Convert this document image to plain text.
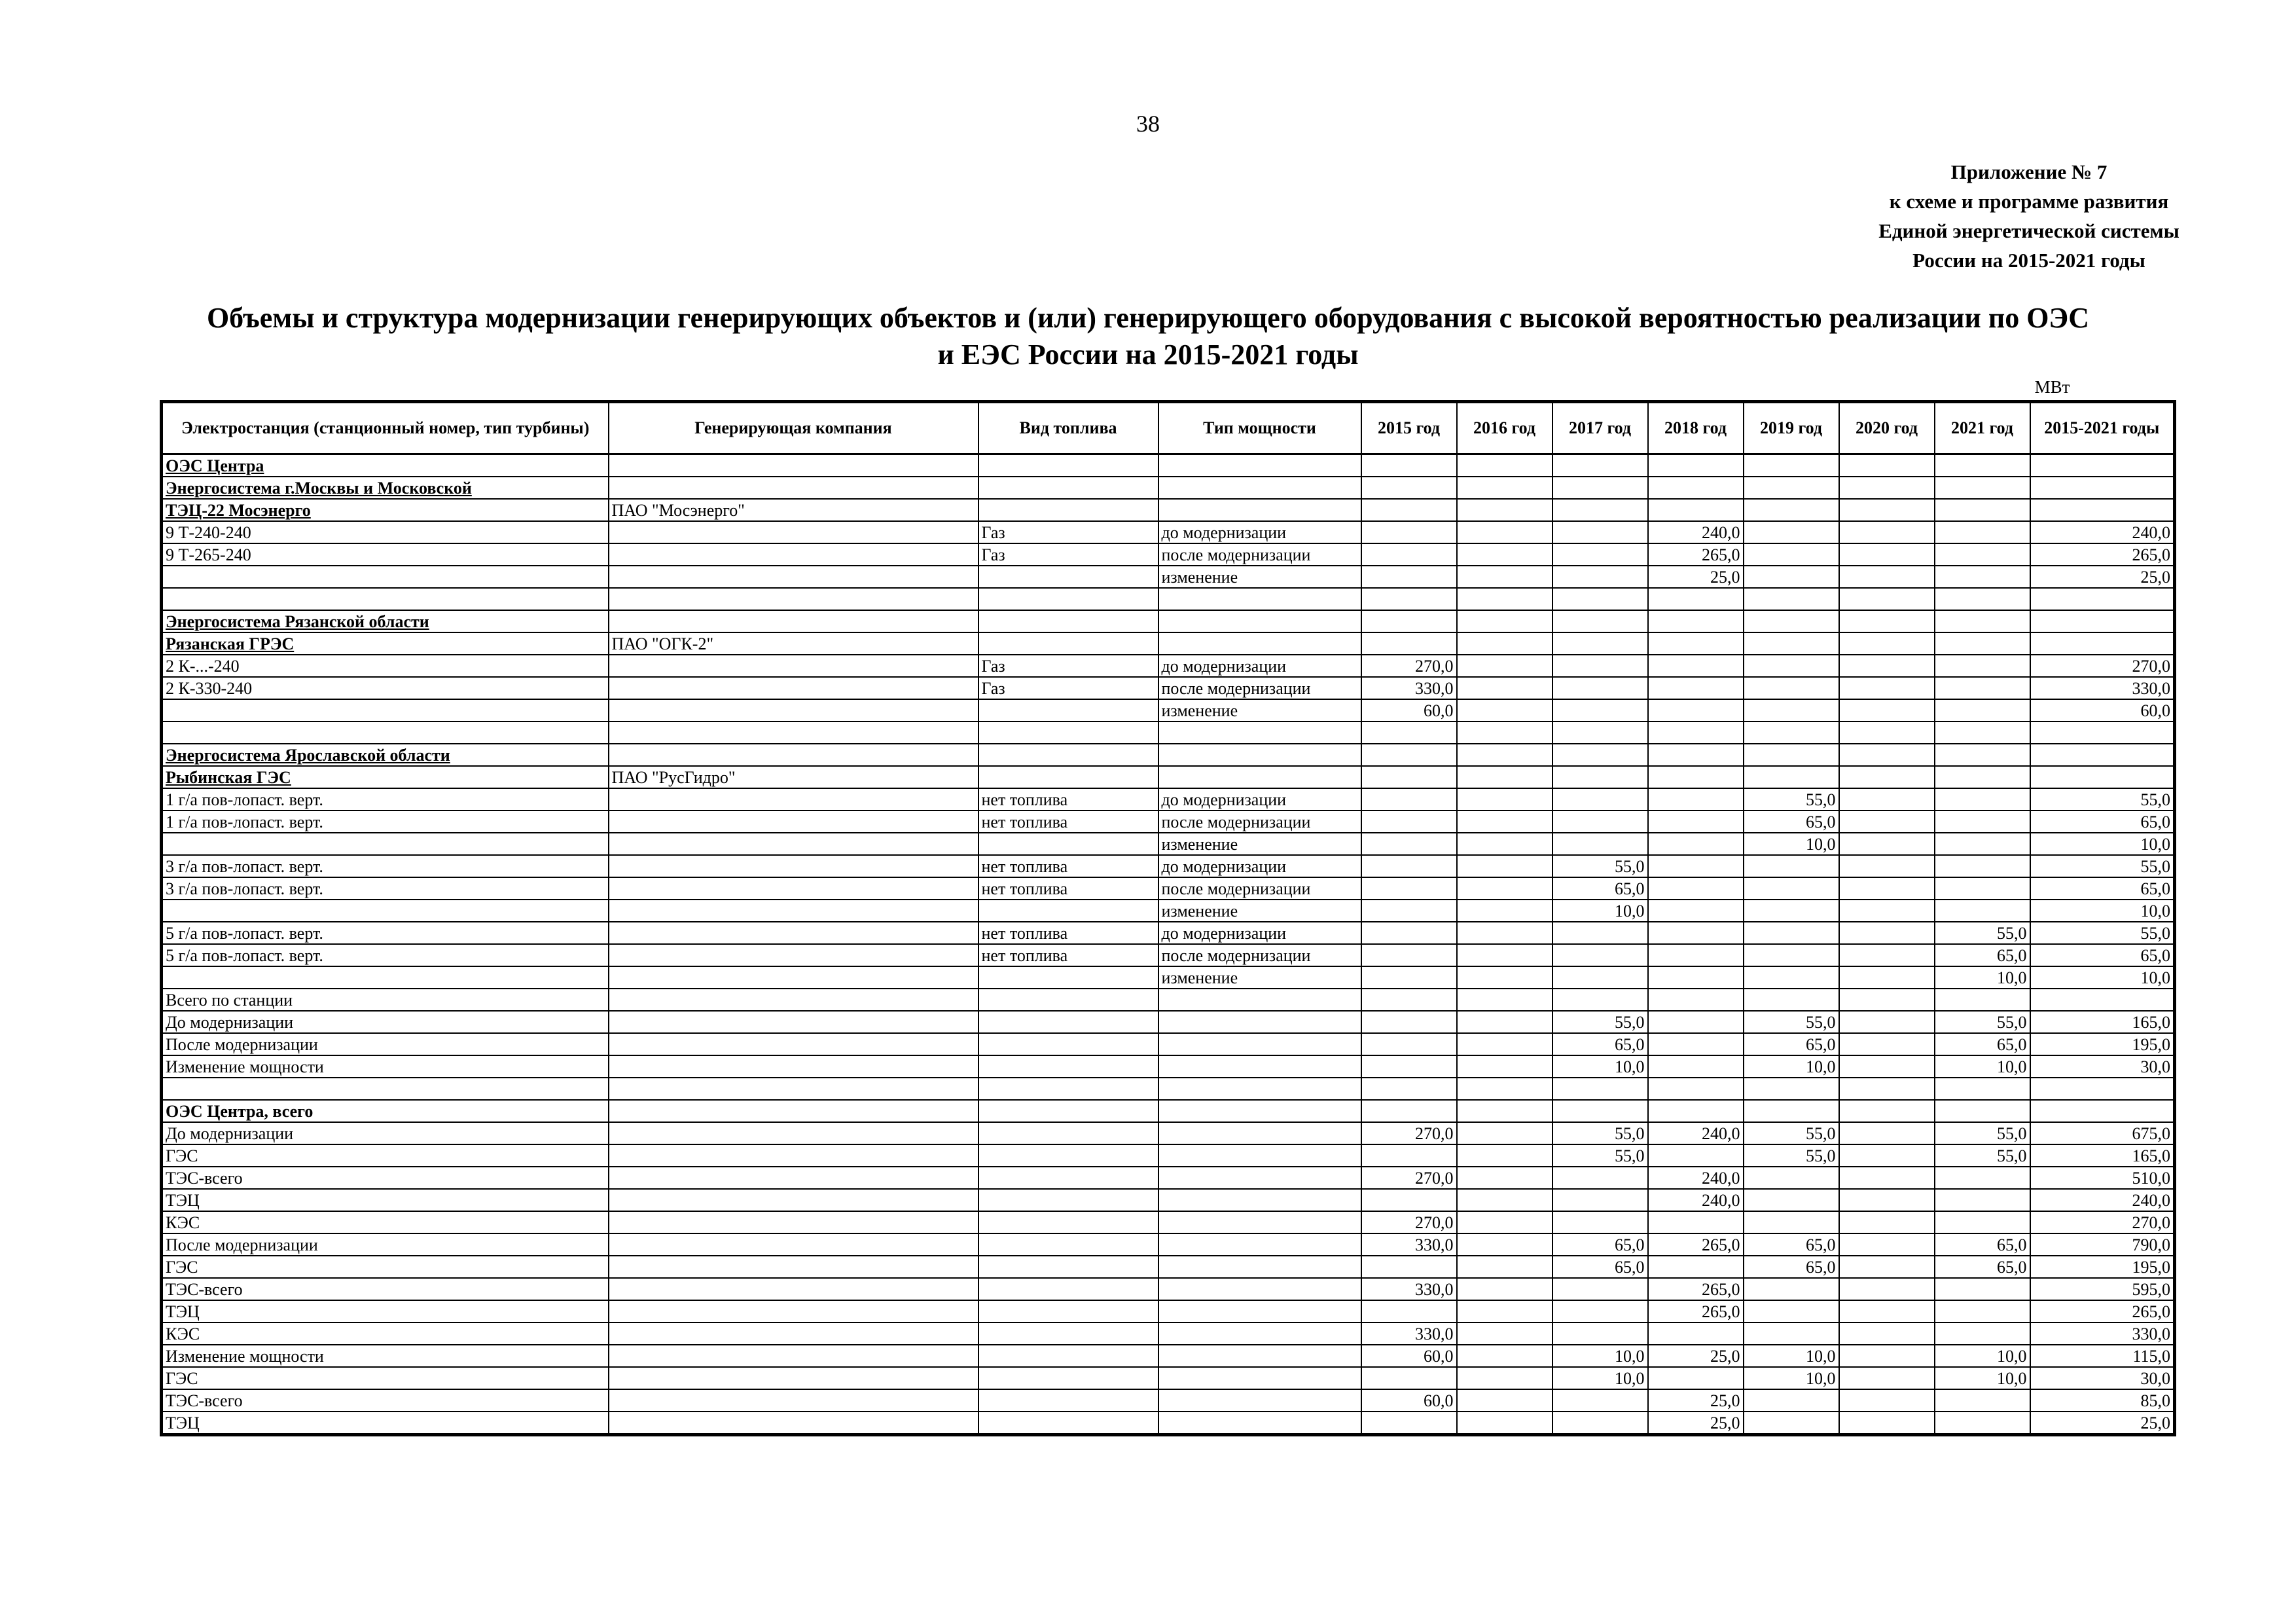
38
Приложение № 7
к схеме и программе развития
Единой энергетической системы
России на 2015-2021 годы
Объемы и структура модернизации генерирующих объектов и (или) генерирующего оборудования с высокой вероятностью реализации по ОЭС
и ЕЭС России на 2015-2021 годы
МВт
Электростанция (станционный номер, тип турбины)	Генерирующая компания	Вид топлива	Тип мощности	2015 год	2016 год	2017 год	2018 год	2019 год	2020 год	2021 год	2015-2021 годы
ОЭС Центра											
Энергосистема г.Москвы и Московской											
ТЭЦ-22 Мосэнерго	ПАО "Мосэнерго"										
9 Т-240-240		Газ	до модернизации				240,0				240,0
9 Т-265-240		Газ	после модернизации				265,0				265,0
			изменение				25,0				25,0

Энергосистема Рязанской области											
Рязанская ГРЭС	ПАО "ОГК-2"										
2 К-...-240		Газ	до модернизации	270,0							270,0
2 К-330-240		Газ	после модернизации	330,0							330,0
			изменение	60,0							60,0

Энергосистема Ярославской области											
Рыбинская ГЭС	ПАО "РусГидро"										
1 г/а пов-лопаст. верт.		нет топлива	до модернизации					55,0			55,0
1 г/а пов-лопаст. верт.		нет топлива	после модернизации					65,0			65,0
			изменение					10,0			10,0
3 г/а пов-лопаст. верт.		нет топлива	до модернизации			55,0					55,0
3 г/а пов-лопаст. верт.		нет топлива	после модернизации			65,0					65,0
			изменение			10,0					10,0
5 г/а пов-лопаст. верт.		нет топлива	до модернизации							55,0	55,0
5 г/а пов-лопаст. верт.		нет топлива	после модернизации							65,0	65,0
			изменение							10,0	10,0
Всего по станции											
До модернизации						55,0		55,0		55,0	165,0
После модернизации						65,0		65,0		65,0	195,0
Изменение мощности						10,0		10,0		10,0	30,0

ОЭС Центра, всего											
До модернизации				270,0		55,0	240,0	55,0		55,0	675,0
ГЭС						55,0		55,0		55,0	165,0
ТЭС-всего				270,0			240,0				510,0
ТЭЦ							240,0				240,0
КЭС				270,0							270,0
После модернизации				330,0		65,0	265,0	65,0		65,0	790,0
ГЭС						65,0		65,0		65,0	195,0
ТЭС-всего				330,0			265,0				595,0
ТЭЦ							265,0				265,0
КЭС				330,0							330,0
Изменение мощности				60,0		10,0	25,0	10,0		10,0	115,0
ГЭС						10,0		10,0		10,0	30,0
ТЭС-всего				60,0			25,0				85,0
ТЭЦ							25,0				25,0
